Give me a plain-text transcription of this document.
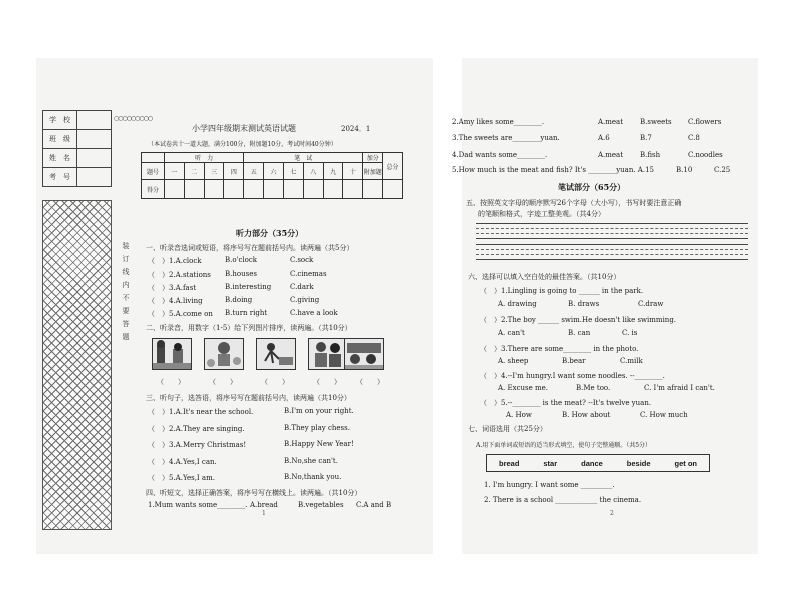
学　校	
班　级	
姓　名	
考　号	
○○○○○○○○○
装
订
线
内
不
要
答
题
小学四年级期末测试英语试题	2024．1
（本试卷共十一道大题，满分100分，附加题10分，考试时间40分钟）
	听　力				笔　试						加分	总分
题号	一	二	三	四	五	六	七	八	九	十	附加题	
得分												
听力部分（35分）
一、听录音选词或短语，将序号写在题前括号内。读两遍（共5分）
（　）1.A.clock	B.o'clock	C.sock
（　）2.A.stations B.houses	C.cinemas
（　）3.A.fast	B.interesting	C.dark
（　）4.A.living	B.doing	C.giving
（　）5.A.come on B.turn right	C.have a look
二、听录音，用数字（1-5）给下列图片排序，读两遍。（共10分）
（　　）	（　　）	（　　）	（　　） （　　）
三、听句子，选答语，将序号写在题前括号内，读两遍（共10分）
（　）1.A.It's near the school.	B.I'm on your right.
（　）2.A.They are singing.	B.They play chess.
（　）3.A.Merry Christmas!	B.Happy New Year!
（　）4.A.Yes,I can.	B.No,she can't.
（　）5.A.Yes,I am.	B.No,thank you.
四、听短文，选择正确答案，将序号写在横线上。读两遍。（共10分）
1.Mum wants some________. A.bread	B.vegetables C.A and B
1
2.Amy likes some________.	A.meat B.sweets C.flowers
3.The sweets are________yuan.	A.6	B.7	C.8
4.Dad wants some________.	A.meat B.fish	C.noodles
5.How much is the meat and fish? It's ________yuan. A.15	B.10	C.25
笔试部分（65分）
五、按照英文字母的顺序默写26个字母（大小写），书写时要注意正确
的笔顺和格式，字迹工整美观。（共4分）
六、选择可以填入空白处的最佳答案。（共10分）
（　）1.Lingling is going to ______ in the park.
A. drawing	B. draws	C.draw
（　）2.The boy ______ swim.He doesn't like swimming.
A. can't	B. can	C. is
（　）3.There are some________ in the photo.
A. sheep	B.bear	C.milk
（　）4.--I'm hungry.I want some noodles. --________.
A. Excuse me.	B.Me too.	C. I'm afraid I can't.
（　）5.--________ is the meat? --It's twelve yuan.
A. How	B. How about	C. How much
七、词语选用（共25分）
A.用下面单词或短语的适当形式填空，使句子完整通顺。（共5分）
bread	star	dance	beside	get on
1. I'm hungry. I want some _________.
2. There is a school ____________ the cinema.
2
